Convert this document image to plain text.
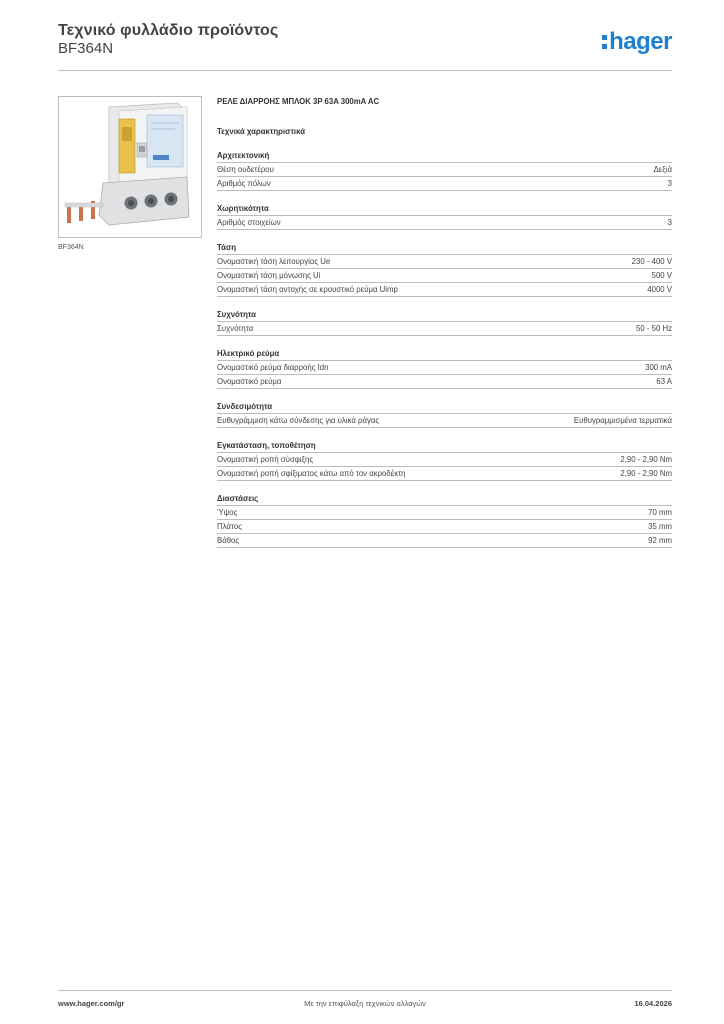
Τεχνικό φυλλάδιο προϊόντος
BF364N	hager
BF364N
ΡΕΛΕ ΔΙΑΡΡΟΗΣ ΜΠΛΟΚ 3P 63A 300mA AC
Τεχνικά χαρακτηριστικά
Αρχιτεκτονική
Θέση ουδετέρου	Δεξιά
Αριθμός πόλων	3
Χωρητικότητα
Αριθμός στοιχείων	3
Τάση
Ονομαστική τάση λειτουργίας Ue	230 - 400 V
Ονομαστική τάση μόνωσης Ui	500 V
Ονομαστική τάση αντοχής σε κρουστικό ρεύμα Uimp	4000 V
Συχνότητα
Συχνότητα	50 - 50 Hz
Ηλεκτρικό ρεύμα
Ονομαστικό ρεύμα διαρροής Idn	300 mA
Ονομαστικό ρεύμα	63 A
Συνδεσιμότητα
Ευθυγράμμιση κάτω σύνδεσης για υλικά ράγας	Ευθυγραμμισμένα τερματικά
Εγκατάσταση, τοποθέτηση
Ονομαστική ροπή σύσφιξης	2,90 - 2,90 Nm
Ονομαστική ροπή σφίξιματος κάτω από τον ακροδέκτη	2,90 - 2,90 Nm
Διαστάσεις
Ύψος	70 mm
Πλάτος	35 mm
Βάθος	92 mm
www.hager.com/gr	Με την επιφύλαξη τεχνικών αλλαγών	16.04.2026
